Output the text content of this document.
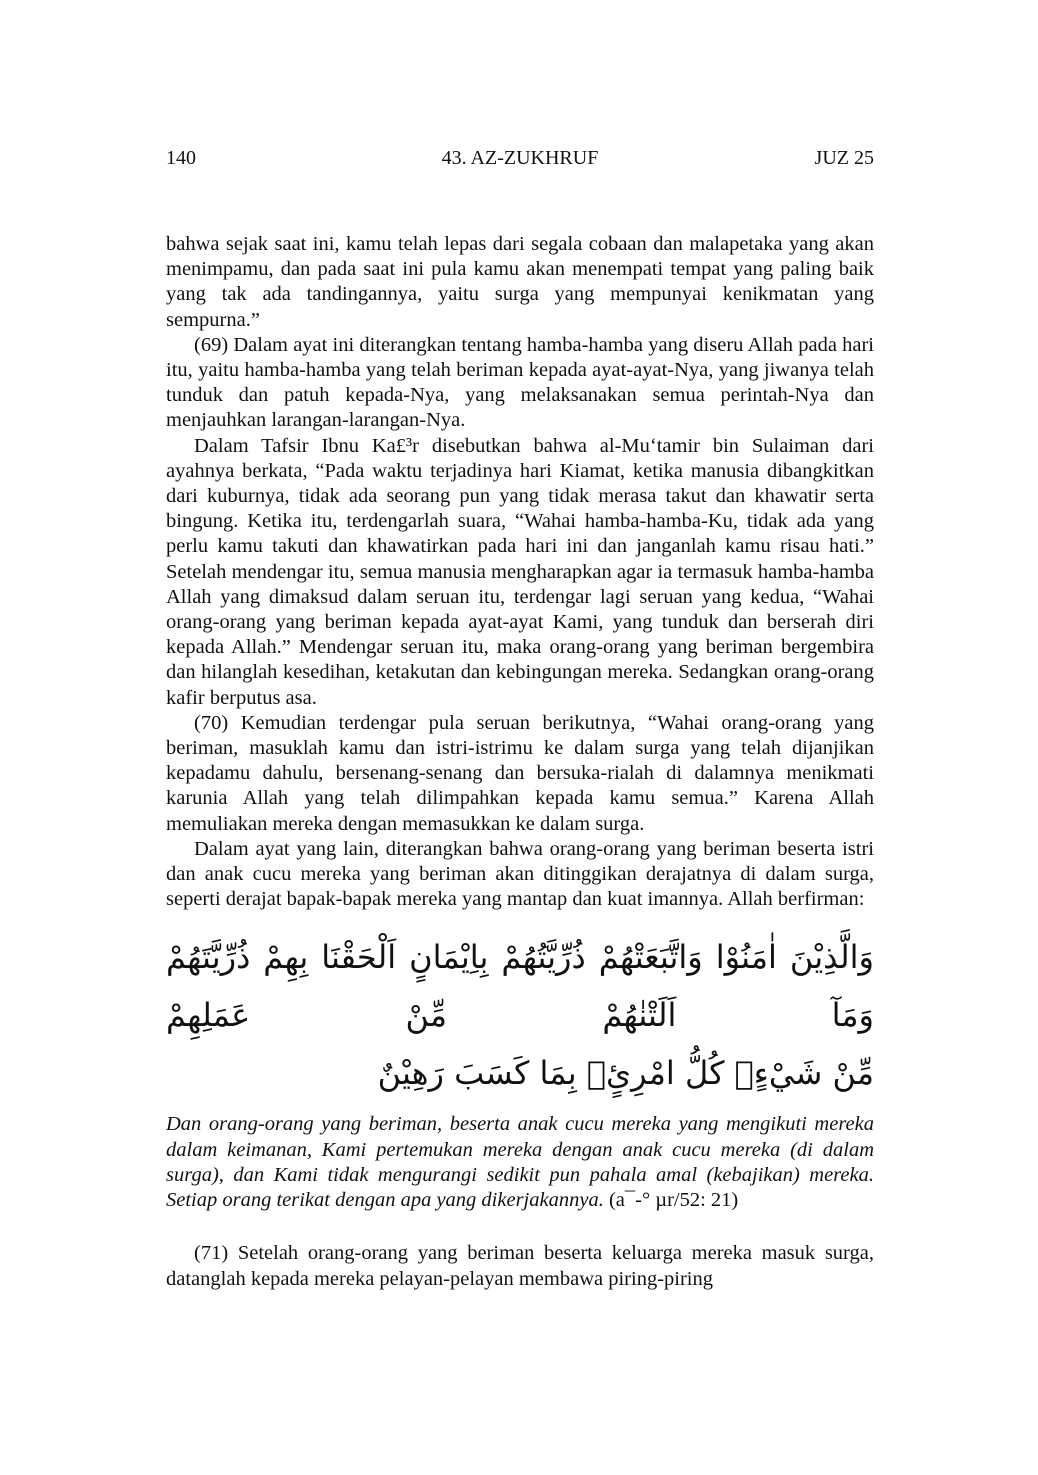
140	43. AZ-ZUKHRUF	JUZ 25

bahwa sejak saat ini, kamu telah lepas dari segala cobaan dan malapetaka yang akan menimpamu, dan pada saat ini pula kamu akan menempati tempat yang paling baik yang tak ada tandingannya, yaitu surga yang mempunyai kenikmatan yang sempurna.”

(69) Dalam ayat ini diterangkan tentang hamba-hamba yang diseru Allah pada hari itu, yaitu hamba-hamba yang telah beriman kepada ayat-ayat-Nya, yang jiwanya telah tunduk dan patuh kepada-Nya, yang melaksanakan semua perintah-Nya dan menjauhkan larangan-larangan-Nya.

Dalam Tafsir Ibnu Ka£³r disebutkan bahwa al-Mu‘tamir bin Sulaiman dari ayahnya berkata, “Pada waktu terjadinya hari Kiamat, ketika manusia dibangkitkan dari kuburnya, tidak ada seorang pun yang tidak merasa takut dan khawatir serta bingung. Ketika itu, terdengarlah suara, “Wahai hamba-hamba-Ku, tidak ada yang perlu kamu takuti dan khawatirkan pada hari ini dan janganlah kamu risau hati.” Setelah mendengar itu, semua manusia mengharapkan agar ia termasuk hamba-hamba Allah yang dimaksud dalam seruan itu, terdengar lagi seruan yang kedua, “Wahai orang-orang yang beriman kepada ayat-ayat Kami, yang tunduk dan berserah diri kepada Allah.” Mendengar seruan itu, maka orang-orang yang beriman bergembira dan hilanglah kesedihan, ketakutan dan kebingungan mereka. Sedangkan orang-orang kafir berputus asa.

(70) Kemudian terdengar pula seruan berikutnya, “Wahai orang-orang yang beriman, masuklah kamu dan istri-istrimu ke dalam surga yang telah dijanjikan kepadamu dahulu, bersenang-senang dan bersuka-rialah di dalamnya menikmati karunia Allah yang telah dilimpahkan kepada kamu semua.” Karena Allah memuliakan mereka dengan memasukkan ke dalam surga.

Dalam ayat yang lain, diterangkan bahwa orang-orang yang beriman beserta istri dan anak cucu mereka yang beriman akan ditinggikan derajatnya di dalam surga, seperti derajat bapak-bapak mereka yang mantap dan kuat imannya. Allah berfirman:

وَالَّذِيْنَ اٰمَنُوْا وَاتَّبَعَتْهُمْ ذُرِّيَّتُهُمْ بِاِيْمَانٍ اَلْحَقْنَا بِهِمْ ذُرِّيَّتَهُمْ وَمَآ اَلَتْنٰهُمْ مِّنْ عَمَلِهِمْ
مِّنْ شَيْءٍۗ كُلُّ امْرِئٍۢ بِمَا كَسَبَ رَهِيْنٌ

Dan orang-orang yang beriman, beserta anak cucu mereka yang mengikuti mereka dalam keimanan, Kami pertemukan mereka dengan anak cucu mereka (di dalam surga), dan Kami tidak mengurangi sedikit pun pahala amal (kebajikan) mereka. Setiap orang terikat dengan apa yang dikerjakannya. (a¯-° µr/52: 21)

(71) Setelah orang-orang yang beriman beserta keluarga mereka masuk surga, datanglah kepada mereka pelayan-pelayan membawa piring-piring
